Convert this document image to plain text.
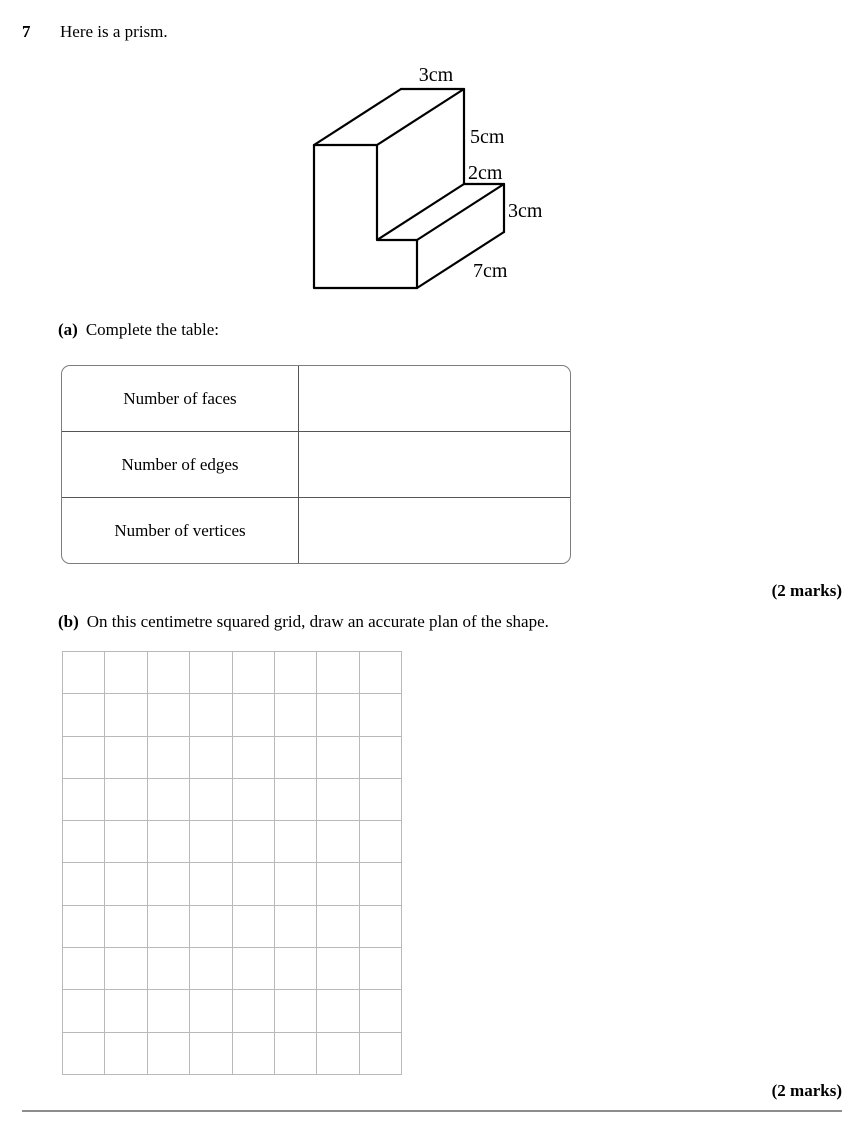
7 Here is a prism.
3cm
5cm
2cm
3cm
7cm
(a) Complete the table:
Number of faces
Number of edges
Number of vertices
(2 marks)
(b) On this centimetre squared grid, draw an accurate plan of the shape.
(2 marks)
